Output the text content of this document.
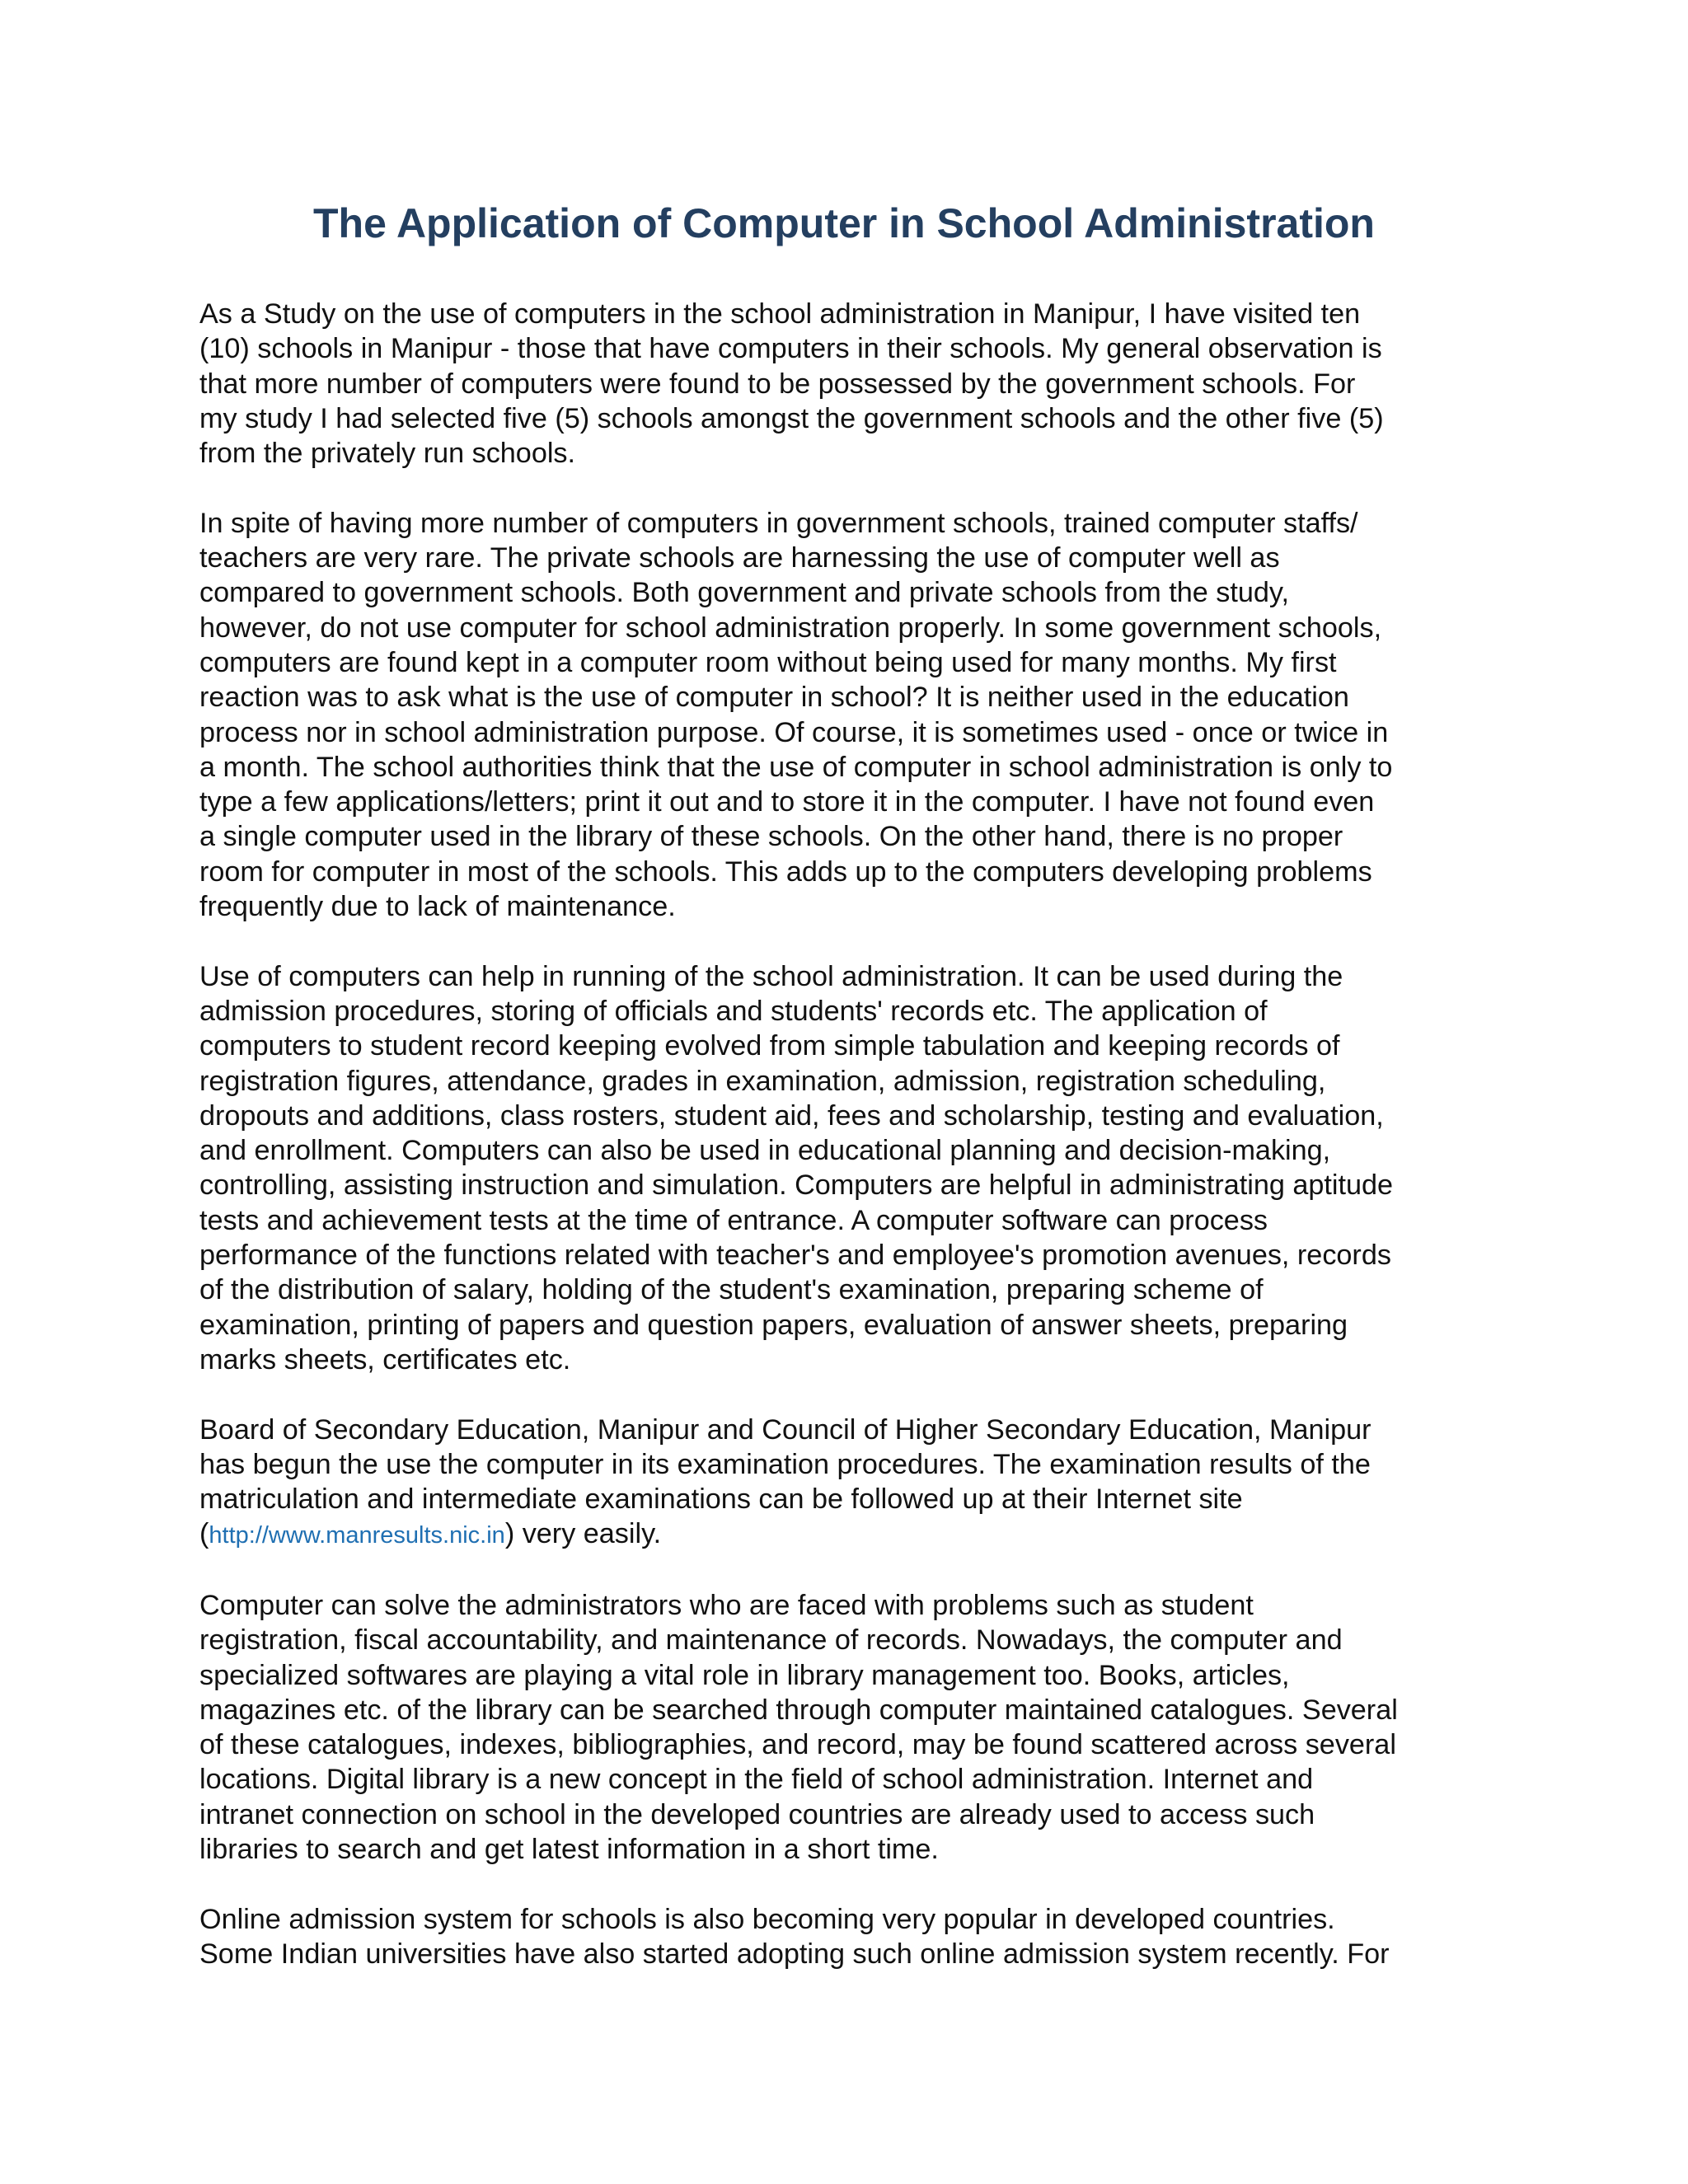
The Application of Computer in School Administration

As a Study on the use of computers in the school administration in Manipur, I have visited ten
(10) schools in Manipur - those that have computers in their schools. My general observation is
that more number of computers were found to be possessed by the government schools. For
my study I had selected five (5) schools amongst the government schools and the other five (5)
from the privately run schools.

In spite of having more number of computers in government schools, trained computer staffs/
teachers are very rare. The private schools are harnessing the use of computer well as
compared to government schools. Both government and private schools from the study,
however, do not use computer for school administration properly. In some government schools,
computers are found kept in a computer room without being used for many months. My first
reaction was to ask what is the use of computer in school? It is neither used in the education
process nor in school administration purpose. Of course, it is sometimes used - once or twice in
a month. The school authorities think that the use of computer in school administration is only to
type a few applications/letters; print it out and to store it in the computer. I have not found even
a single computer used in the library of these schools. On the other hand, there is no proper
room for computer in most of the schools. This adds up to the computers developing problems
frequently due to lack of maintenance.

Use of computers can help in running of the school administration. It can be used during the
admission procedures, storing of officials and students' records etc. The application of
computers to student record keeping evolved from simple tabulation and keeping records of
registration figures, attendance, grades in examination, admission, registration scheduling,
dropouts and additions, class rosters, student aid, fees and scholarship, testing and evaluation,
and enrollment. Computers can also be used in educational planning and decision-making,
controlling, assisting instruction and simulation. Computers are helpful in administrating aptitude
tests and achievement tests at the time of entrance. A computer software can process
performance of the functions related with teacher's and employee's promotion avenues, records
of the distribution of salary, holding of the student's examination, preparing scheme of
examination, printing of papers and question papers, evaluation of answer sheets, preparing
marks sheets, certificates etc.

Board of Secondary Education, Manipur and Council of Higher Secondary Education, Manipur
has begun the use the computer in its examination procedures. The examination results of the
matriculation and intermediate examinations can be followed up at their Internet site
(http://www.manresults.nic.in) very easily.

Computer can solve the administrators who are faced with problems such as student
registration, fiscal accountability, and maintenance of records. Nowadays, the computer and
specialized softwares are playing a vital role in library management too. Books, articles,
magazines etc. of the library can be searched through computer maintained catalogues. Several
of these catalogues, indexes, bibliographies, and record, may be found scattered across several
locations. Digital library is a new concept in the field of school administration. Internet and
intranet connection on school in the developed countries are already used to access such
libraries to search and get latest information in a short time.

Online admission system for schools is also becoming very popular in developed countries.
Some Indian universities have also started adopting such online admission system recently. For
